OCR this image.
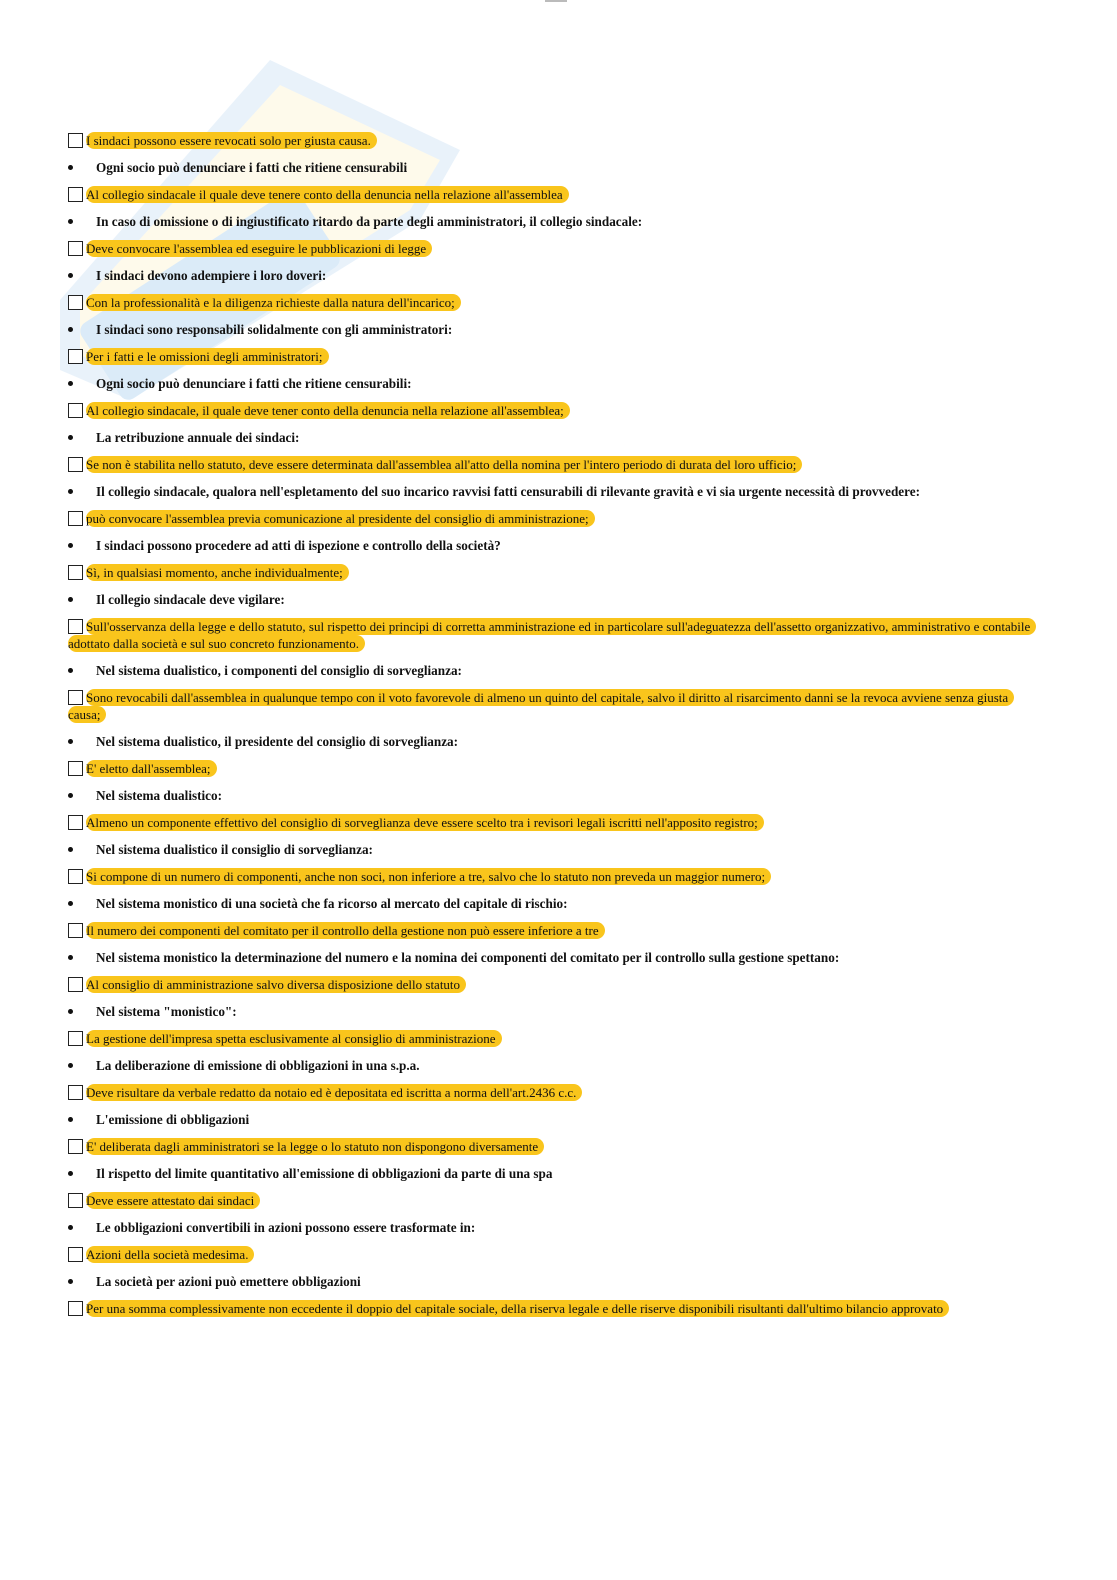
I sindaci possono essere revocati solo per giusta causa.
Ogni socio può denunciare i fatti che ritiene censurabili
Al collegio sindacale il quale deve tenere conto della denuncia nella relazione all'assemblea
In caso di omissione o di ingiustificato ritardo da parte degli amministratori, il collegio sindacale:
Deve convocare l'assemblea ed eseguire le pubblicazioni di legge
I sindaci devono adempiere i loro doveri:
Con la professionalità e la diligenza richieste dalla natura dell'incarico;
I sindaci sono responsabili solidalmente con gli amministratori:
Per i fatti e le omissioni degli amministratori;
Ogni socio può denunciare i fatti che ritiene censurabili:
Al collegio sindacale, il quale deve tener conto della denuncia nella relazione all'assemblea;
La retribuzione annuale dei sindaci:
Se non è stabilita nello statuto, deve essere determinata dall'assemblea all'atto della nomina per l'intero periodo di durata del loro ufficio;
Il collegio sindacale, qualora nell'espletamento del suo incarico ravvisi fatti censurabili di rilevante gravità e vi sia urgente necessità di provvedere:
può convocare l'assemblea previa comunicazione al presidente del consiglio di amministrazione;
I sindaci possono procedere ad atti di ispezione e controllo della società?
Sì, in qualsiasi momento, anche individualmente;
Il collegio sindacale deve vigilare:
Sull'osservanza della legge e dello statuto, sul rispetto dei principi di corretta amministrazione ed in particolare sull'adeguatezza dell'assetto organizzativo, amministrativo e contabile adottato dalla società e sul suo concreto funzionamento.
Nel sistema dualistico, i componenti del consiglio di sorveglianza:
Sono revocabili dall'assemblea in qualunque tempo con il voto favorevole di almeno un quinto del capitale, salvo il diritto al risarcimento danni se la revoca avviene senza giusta causa;
Nel sistema dualistico, il presidente del consiglio di sorveglianza:
E' eletto dall'assemblea;
Nel sistema dualistico:
Almeno un componente effettivo del consiglio di sorveglianza deve essere scelto tra i revisori legali iscritti nell'apposito registro;
Nel sistema dualistico il consiglio di sorveglianza:
Si compone di un numero di componenti, anche non soci, non inferiore a tre, salvo che lo statuto non preveda un maggior numero;
Nel sistema monistico di una società che fa ricorso al mercato del capitale di rischio:
Il numero dei componenti del comitato per il controllo della gestione non può essere inferiore a tre
Nel sistema monistico la determinazione del numero e la nomina dei componenti del comitato per il controllo sulla gestione spettano:
Al consiglio di amministrazione salvo diversa disposizione dello statuto
Nel sistema "monistico":
La gestione dell'impresa spetta esclusivamente al consiglio di amministrazione
La deliberazione di emissione di obbligazioni in una s.p.a.
Deve risultare da verbale redatto da notaio ed è depositata ed iscritta a norma dell'art.2436 c.c.
L'emissione di obbligazioni
E' deliberata dagli amministratori se la legge o lo statuto non dispongono diversamente
Il rispetto del limite quantitativo all'emissione di obbligazioni da parte di una spa
Deve essere attestato dai sindaci
Le obbligazioni convertibili in azioni possono essere trasformate in:
Azioni della società medesima.
La società per azioni può emettere obbligazioni
Per una somma complessivamente non eccedente il doppio del capitale sociale, della riserva legale e delle riserve disponibili risultanti dall'ultimo bilancio approvato
